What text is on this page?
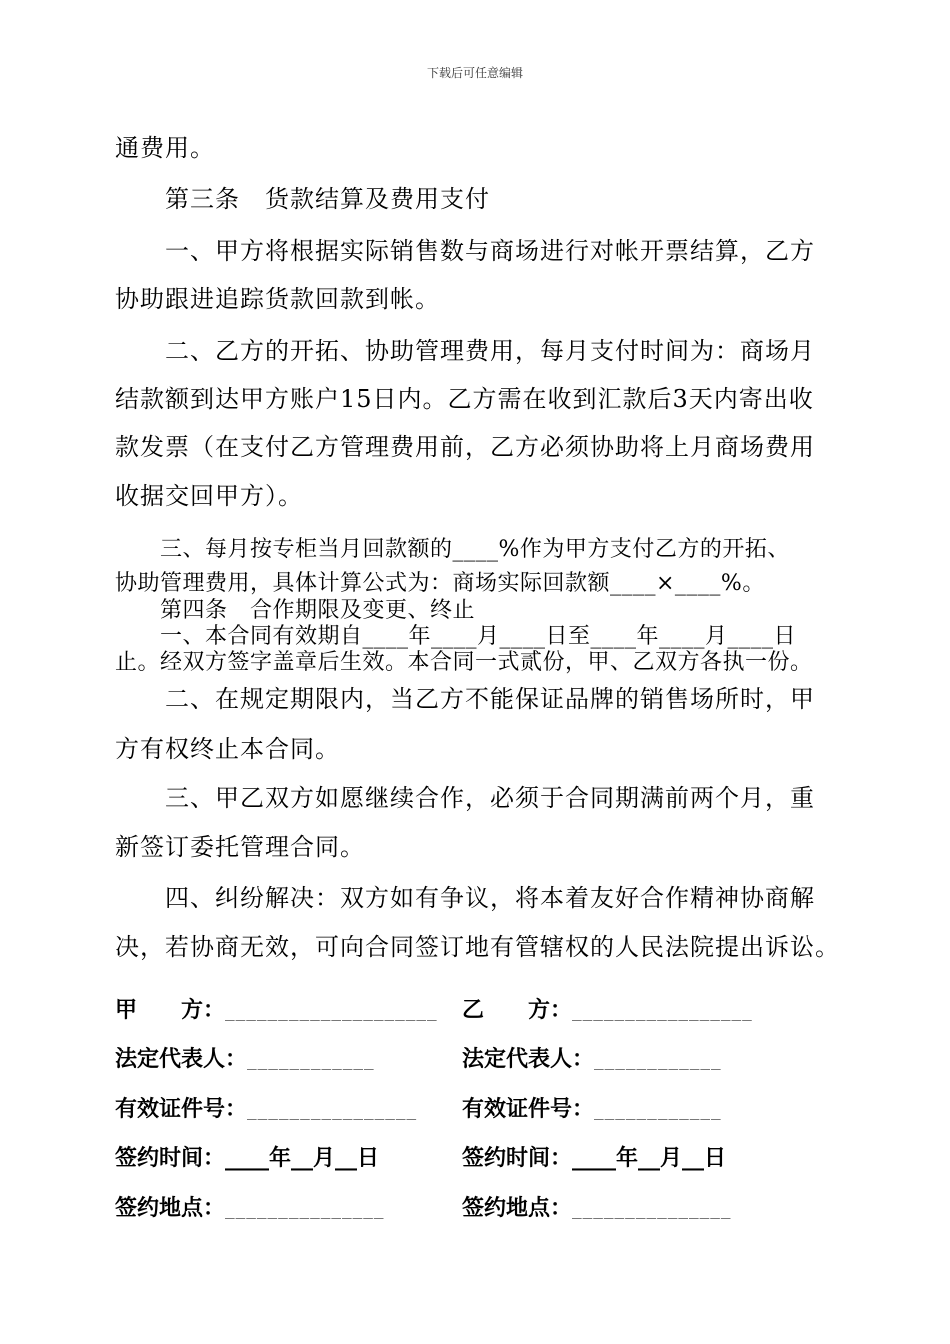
下载后可任意编辑
通费用。
　　第三条　货款结算及费用支付
　　一、甲方将根据实际销售数与商场进行对帐开票结算，乙方
协助跟进追踪货款回款到帐。
　　二、乙方的开拓、协助管理费用，每月支付时间为：商场月
结款额到达甲方账户15日内。乙方需在收到汇款后3天内寄出收
款发票（在支付乙方管理费用前，乙方必须协助将上月商场费用
收据交回甲方）。
　　三、每月按专柜当月回款额的____%作为甲方支付乙方的开拓、
协助管理费用，具体计算公式为：商场实际回款额____×____%。
　　第四条　合作期限及变更、终止
　　一、本合同有效期自____年____月____日至____年____月____日
止。经双方签字盖章后生效。本合同一式贰份，甲、乙双方各执一份。
　　二、在规定期限内，当乙方不能保证品牌的销售场所时，甲
方有权终止本合同。
　　三、甲乙双方如愿继续合作，必须于合同期满前两个月，重
新签订委托管理合同。
　　四、纠纷解决：双方如有争议，将本着友好合作精神协商解
决，若协商无效，可向合同签订地有管辖权的人民法院提出诉讼。
甲　　方：____________________ 乙　　方：_________________
法定代表人：____________	法定代表人：____________
有效证件号：________________ 有效证件号：____________
签约时间：____年__月__日	签约时间：____年__月__日
签约地点：_______________	签约地点：_______________
